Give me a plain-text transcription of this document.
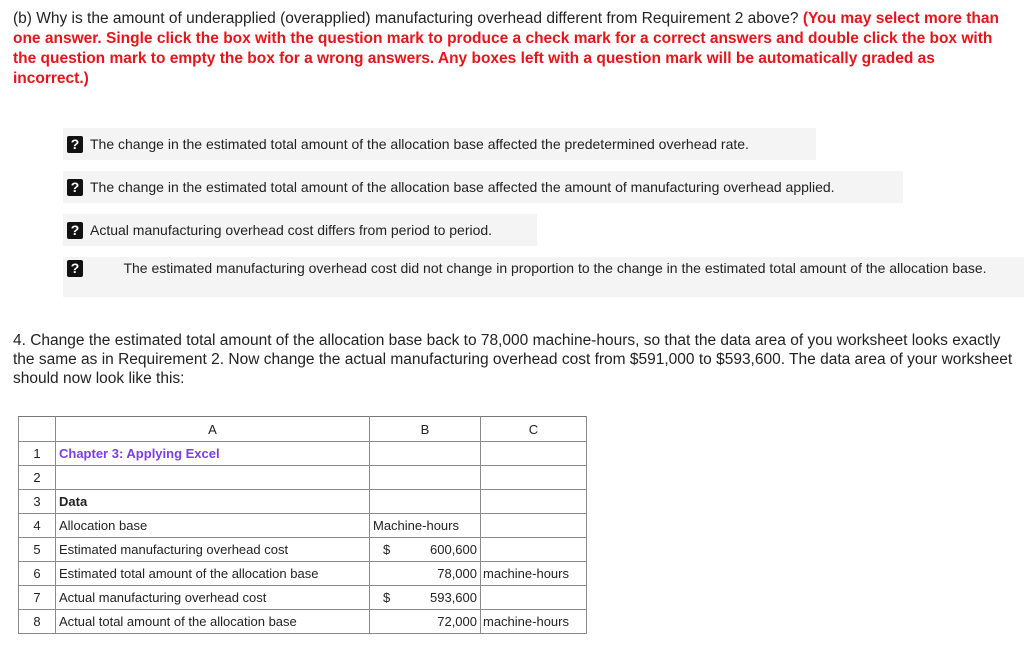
(b) Why is the amount of underapplied (overapplied) manufacturing overhead different from Requirement 2 above? (You may select more than one answer. Single click the box with the question mark to produce a check mark for a correct answers and double click the box with the question mark to empty the box for a wrong answers. Any boxes left with a question mark will be automatically graded as incorrect.)
? The change in the estimated total amount of the allocation base affected the predetermined overhead rate.
? The change in the estimated total amount of the allocation base affected the amount of manufacturing overhead applied.
? Actual manufacturing overhead cost differs from period to period.
?	The estimated manufacturing overhead cost did not change in proportion to the change in the estimated total amount of the allocation base.
4. Change the estimated total amount of the allocation base back to 78,000 machine-hours, so that the data area of you worksheet looks exactly the same as in Requirement 2. Now change the actual manufacturing overhead cost from $591,000 to $593,600. The data area of your worksheet should now look like this:
	A	B	C
1	Chapter 3: Applying Excel		
2			
3	Data		
4	Allocation base	Machine-hours	
5	Estimated manufacturing overhead cost	$ 600,600	

6	Estimated total amount of the allocation base	78,000	machine-hours
7	Actual manufacturing overhead cost	$ 593,600	

8	Actual total amount of the allocation base	72,000	machine-hours
